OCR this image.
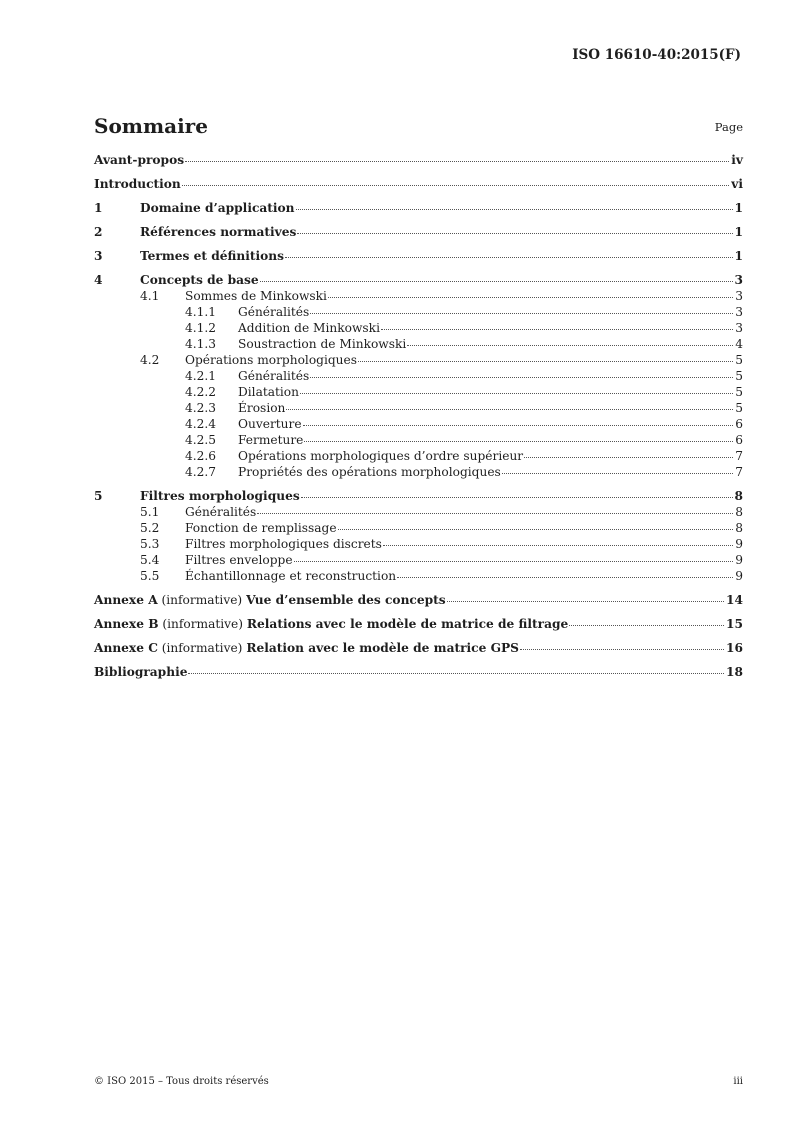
ISO 16610-40:2015(F)
Sommaire	Page
Avant-propos	iv
Introduction	vi
1	Domaine d’application	1
2	Références normatives	1
3	Termes et définitions	1
4	Concepts de base	3
4.1 Sommes de Minkowski	3
4.1.1 Généralités	3
4.1.2 Addition de Minkowski	3
4.1.3 Soustraction de Minkowski	4
4.2 Opérations morphologiques	5
4.2.1 Généralités	5
4.2.2 Dilatation	5
4.2.3 Érosion	5
4.2.4 Ouverture	6
4.2.5 Fermeture	6
4.2.6 Opérations morphologiques d’ordre supérieur	7
4.2.7 Propriétés des opérations morphologiques	7
5	Filtres morphologiques	8
5.1 Généralités	8
5.2 Fonction de remplissage	8
5.3 Filtres morphologiques discrets	9
5.4 Filtres enveloppe	9
5.5 Échantillonnage et reconstruction	9
Annexe A (informative) Vue d’ensemble des concepts	14
Annexe B (informative) Relations avec le modèle de matrice de filtrage	15
Annexe C (informative) Relation avec le modèle de matrice GPS	16
Bibliographie	18
© ISO 2015 – Tous droits réservés	iii
